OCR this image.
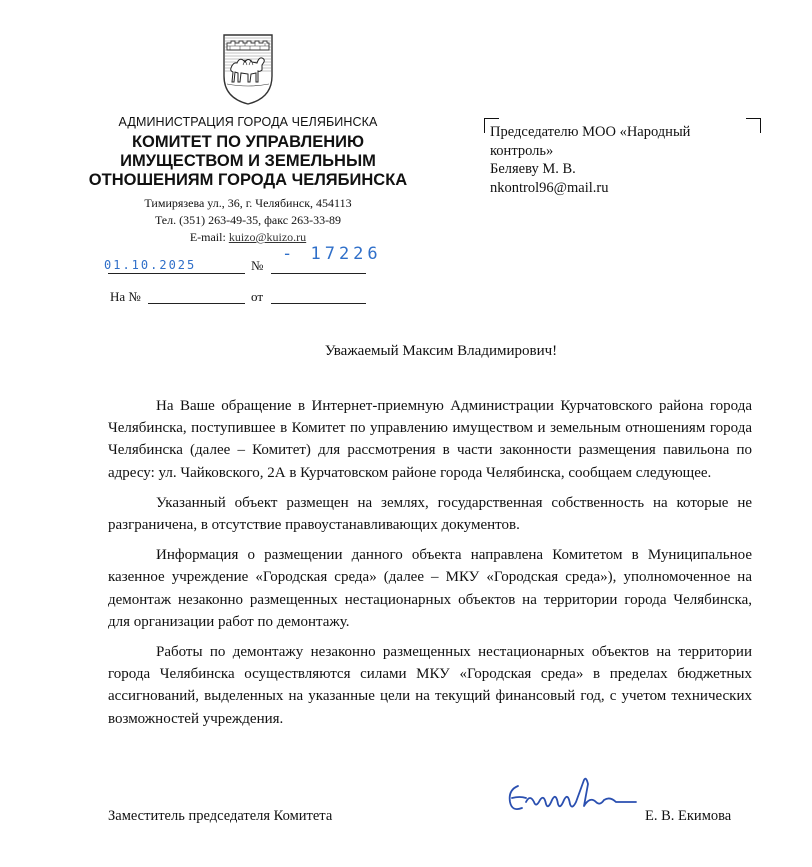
АДМИНИСТРАЦИЯ ГОРОДА ЧЕЛЯБИНСКА
КОМИТЕТ ПО УПРАВЛЕНИЮ
ИМУЩЕСТВОМ И ЗЕМЕЛЬНЫМ
ОТНОШЕНИЯМ ГОРОДА ЧЕЛЯБИНСКА
Тимирязева ул., 36, г. Челябинск, 454113
Тел. (351) 263-49-35, факс 263-33-89
E-mail: kuizo@kuizo.ru
01.10.2025	№
- 17226
На №	от
Председателю МОО «Народный
контроль»
Беляеву М. В.
nkontrol96@mail.ru
Уважаемый Максим Владимирович!

На Ваше обращение в Интернет-приемную Администрации Курчатовского района города Челябинска, поступившее в Комитет по управлению имуществом и земельным отношениям города Челябинска (далее – Комитет) для рассмотрения в части законности размещения павильона по адресу: ул. Чайковского, 2А в Курчатовском районе города Челябинска, сообщаем следующее.

Указанный объект размещен на землях, государственная собственность на которые не разграничена, в отсутствие правоустанавливающих документов.

Информация о размещении данного объекта направлена Комитетом в Муниципальное казенное учреждение «Городская среда» (далее – МКУ «Городская среда»), уполномоченное на демонтаж незаконно размещенных нестационарных объектов на территории города Челябинска, для организации работ по демонтажу.

Работы по демонтажу незаконно размещенных нестационарных объектов на территории города Челябинска осуществляются силами МКУ «Городская среда» в пределах бюджетных ассигнований, выделенных на указанные цели на текущий финансовый год, с учетом технических возможностей учреждения.

Заместитель председателя Комитета	Е. В. Екимова
